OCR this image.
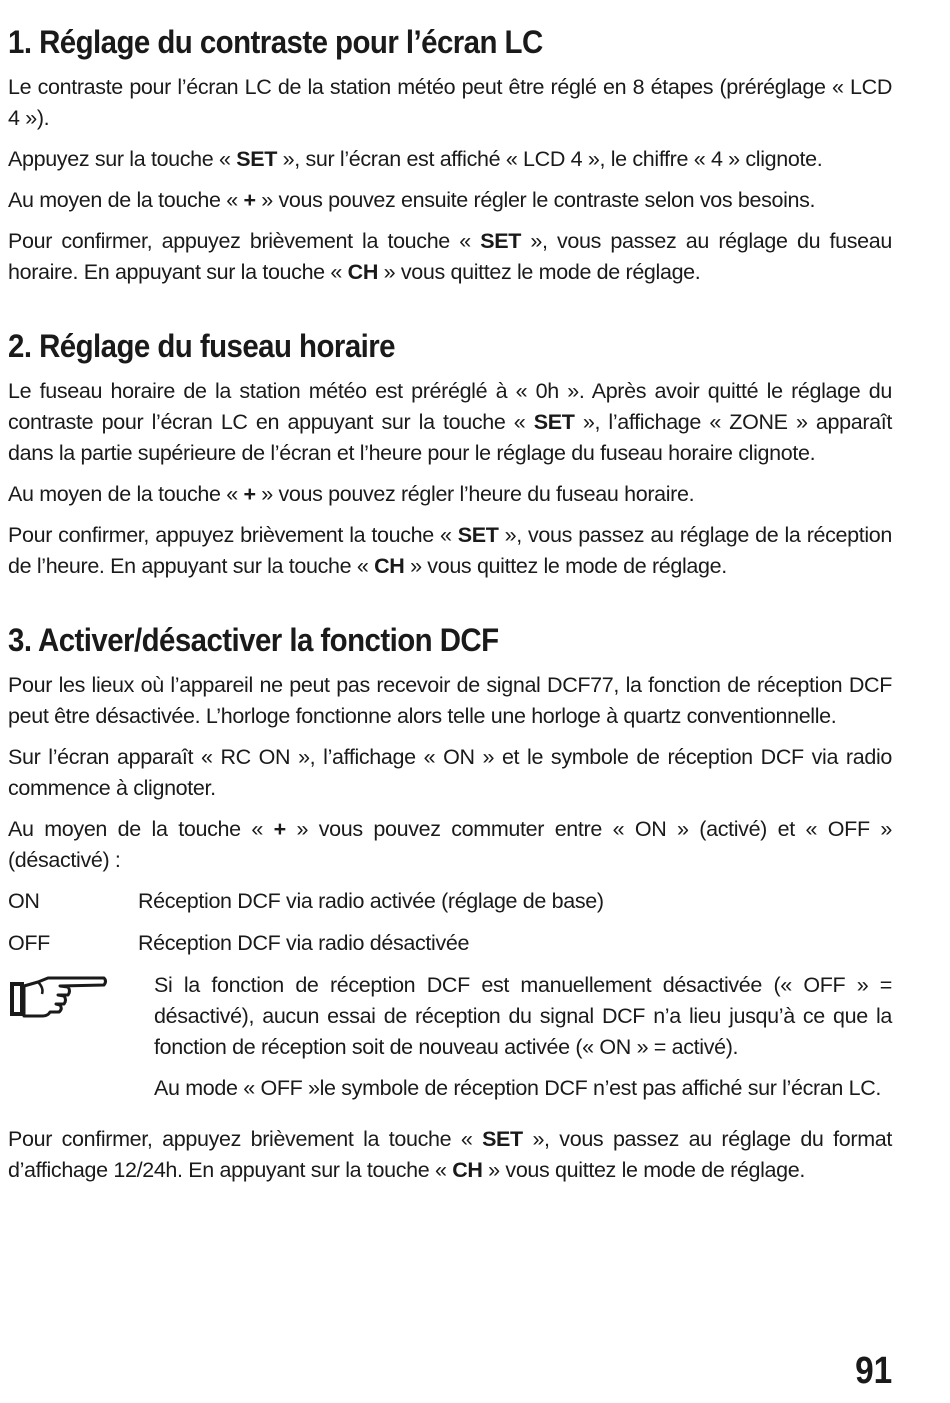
1. Réglage du contraste pour l’écran LC

Le contraste pour l’écran LC de la station météo peut être réglé en 8 étapes (préréglage « LCD 4 »).

Appuyez sur la touche « SET », sur l’écran est affiché « LCD 4 », le chiffre « 4 » clignote.

Au moyen de la touche « + » vous pouvez ensuite régler le contraste selon vos besoins.

Pour confirmer, appuyez brièvement la touche « SET », vous passez au réglage du fuseau horaire. En appuyant sur la touche « CH » vous quittez le mode de réglage.

2. Réglage du fuseau horaire

Le fuseau horaire de la station météo est préréglé à « 0h ». Après avoir quitté le réglage du contraste pour l’écran LC en appuyant sur la touche « SET », l’affichage « ZONE » apparaît dans la partie supérieure de l’écran et l’heure pour le réglage du fuseau horaire clignote.

Au moyen de la touche « + » vous pouvez régler l’heure du fuseau horaire.

Pour confirmer, appuyez brièvement la touche « SET », vous passez au réglage de la réception de l’heure. En appuyant sur la touche « CH » vous quittez le mode de réglage.

3. Activer/désactiver la fonction DCF

Pour les lieux où l’appareil ne peut pas recevoir de signal DCF77, la fonction de réception DCF peut être désactivée. L’horloge fonctionne alors telle une horloge à quartz conventionnelle.

Sur l’écran apparaît « RC ON », l’affichage « ON » et le symbole de réception DCF via radio commence à clignoter.

Au moyen de la touche « + » vous pouvez commuter entre « ON » (activé) et « OFF » (désactivé) :

ON	Réception DCF via radio activée (réglage de base)
OFF	Réception DCF via radio désactivée

Si la fonction de réception DCF est manuellement désactivée (« OFF » = désactivé), aucun essai de réception du signal DCF n’a lieu jusqu’à ce que la fonction de réception soit de nouveau activée (« ON » = activé).

Au mode « OFF »le symbole de réception DCF n’est pas affiché sur l’écran LC.

Pour confirmer, appuyez brièvement la touche « SET », vous passez au réglage du format d’affichage 12/24h. En appuyant sur la touche « CH » vous quittez le mode de réglage.

91
